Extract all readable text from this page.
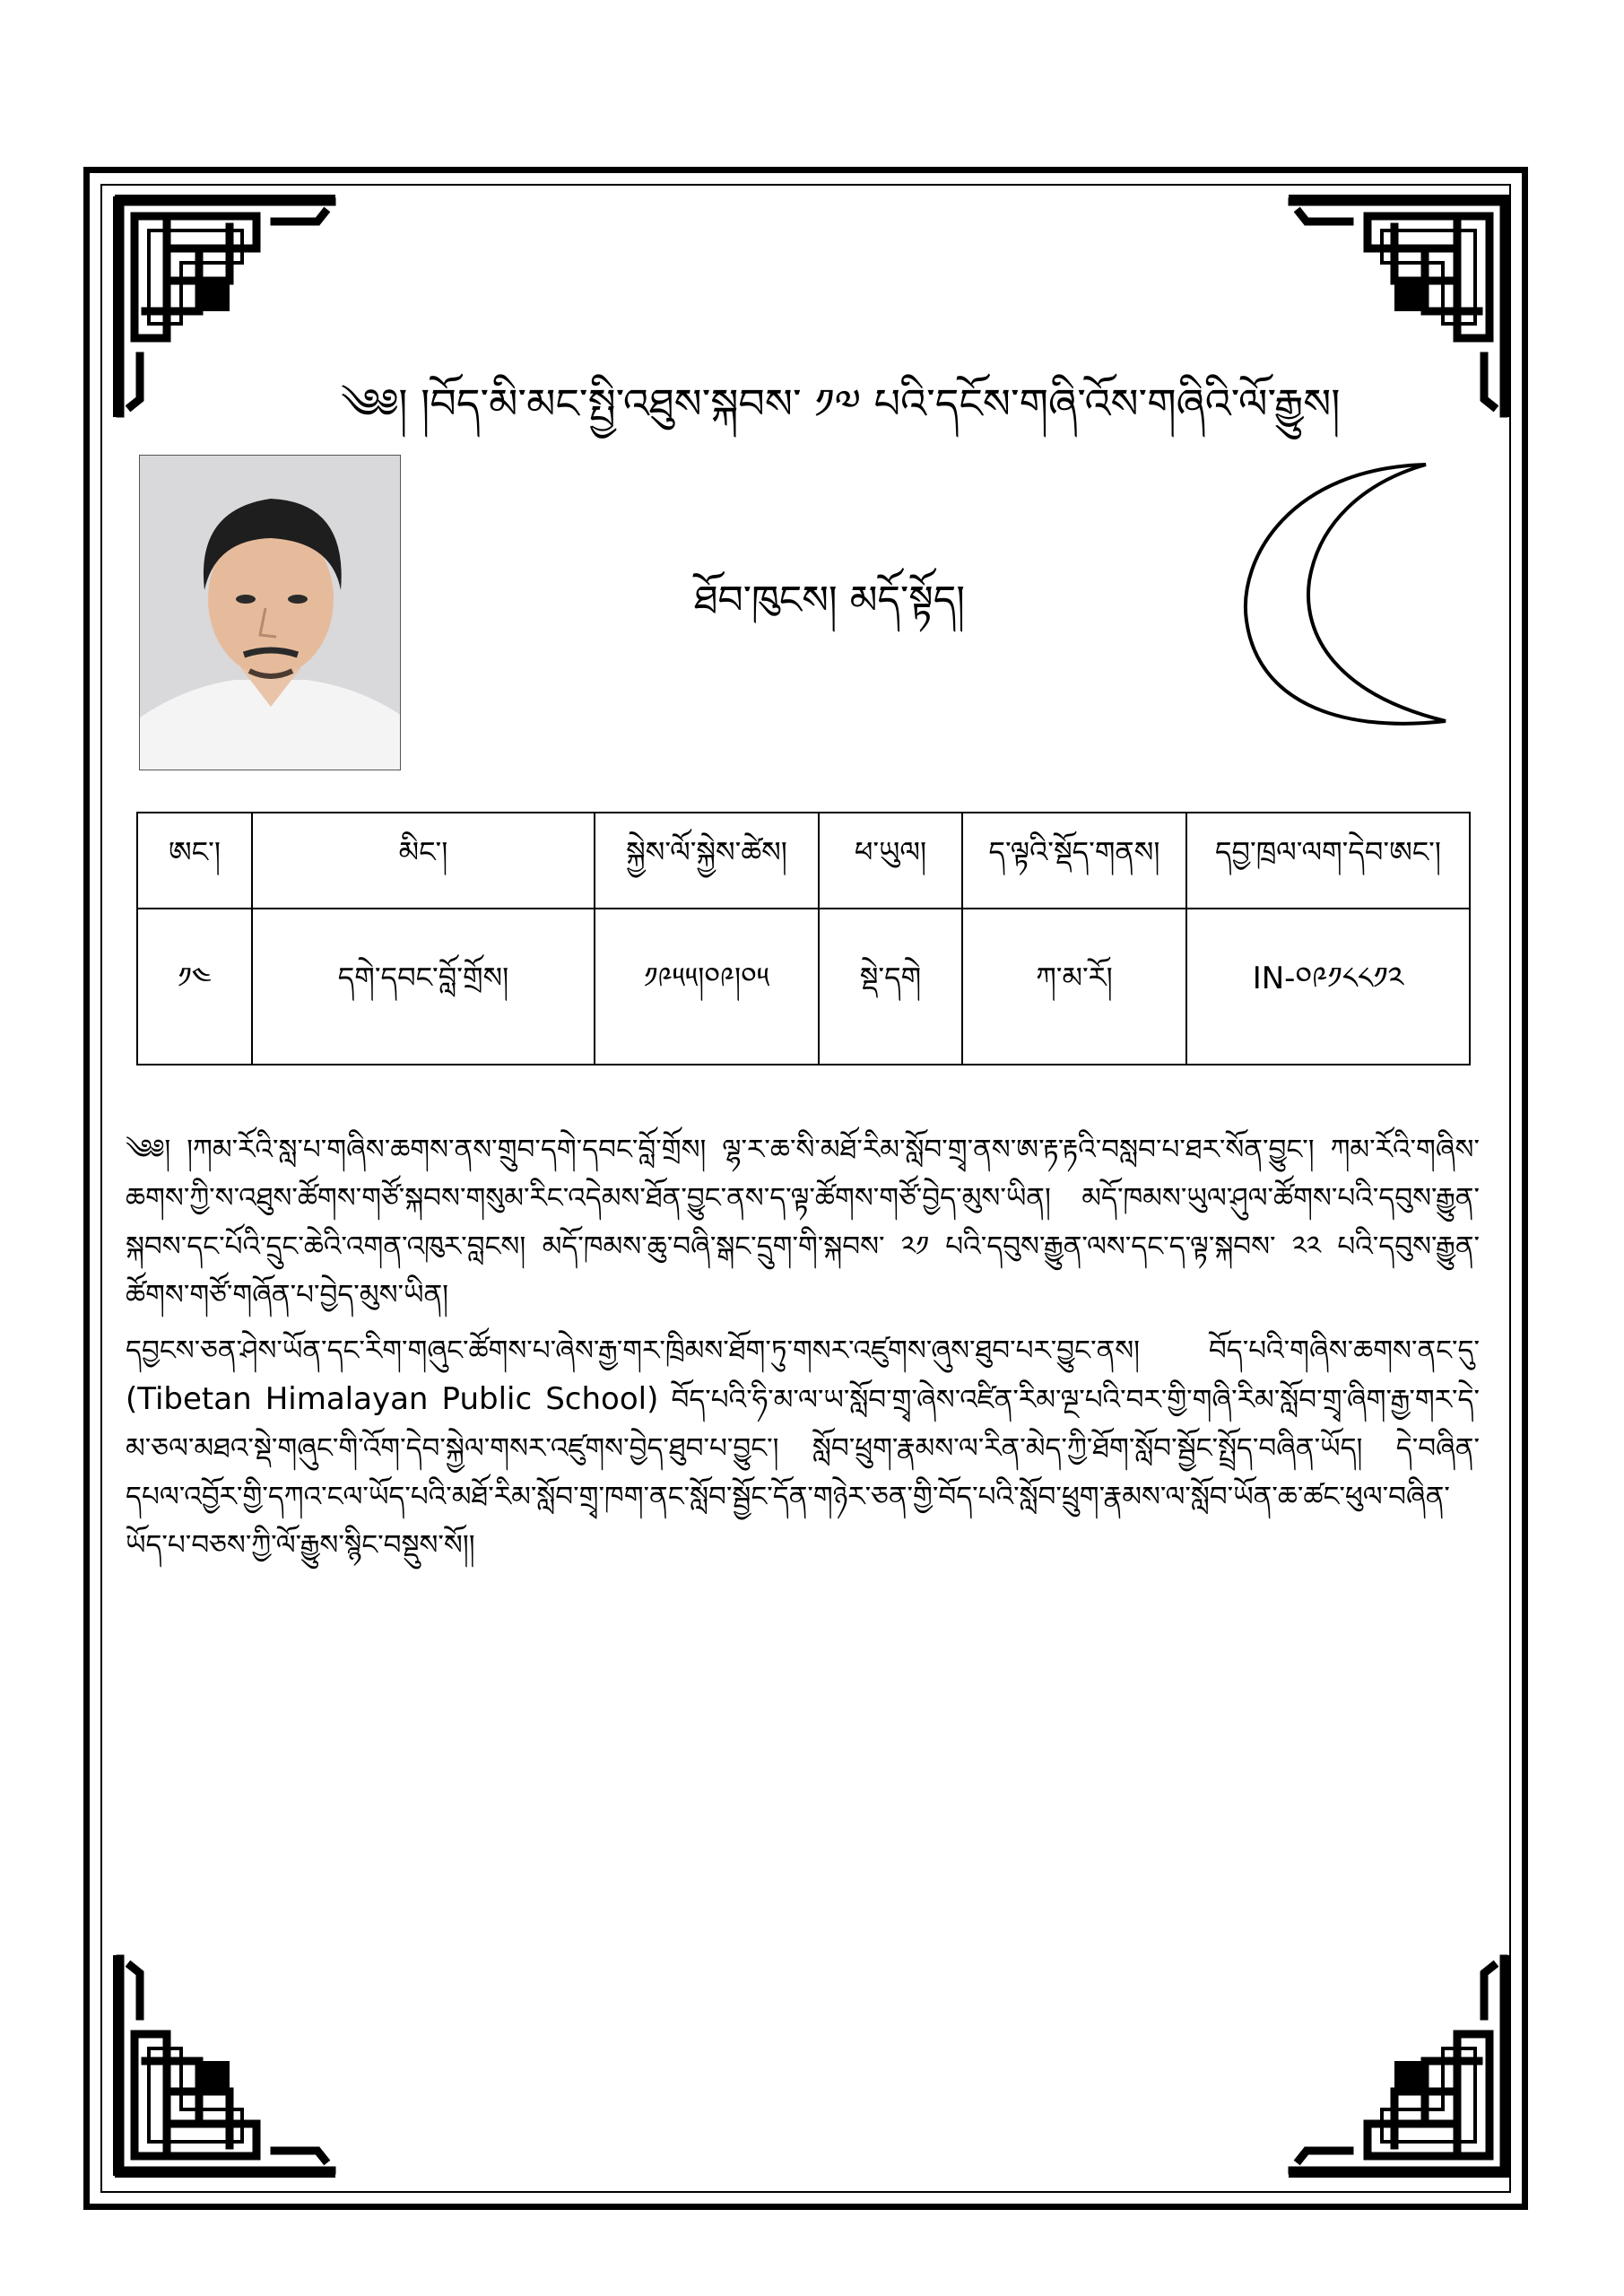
༄༅། །བོད་མི་མང་སྤྱི་འཐུས་སྐབས་ ༡༧ པའི་དངོས་གཞི་འོས་གཞིའི་ལོ་རྒྱུས།
ཐོབ་ཁུངས། མདོ་སྟོད།
ཨང་།	མིང་།	སྐྱེས་ལོ་སྐྱེས་ཚེས།	ཕ་ཡུལ།	ད་ལྟའི་སྡོད་གནས།	དབྱ་ཁྲལ་ལག་དེབ་ཨང་།
༡༤	དགེ་དབང་བློ་གྲོས།	༡༩༥༥།༠༩།༠༥	སྡེ་དགེ	ཀ་མ་རོ།	IN-༠༩༡༨༨༡༢

༄༅། །ཀམ་རོའི་སླ་པ་གཞིས་ཆགས་ནས་གྲུབ་དགེ་དབང་བློ་གྲོས། ལྷ་ར་ཆ་སི་མཐོ་རིམ་སློབ་གྲྭ་ནས་ཨ་རྟ་རྟའི་བསླབ་པ་ཐར་སོན་བྱུང་། ཀམ་རོའི་གཞིས་ཆགས་ཀྱི་ས་འཐུས་ཚོགས་གཙོ་སྐབས་གསུམ་རིང་འདེམས་ཐོན་བྱུང་ནས་ད་ལྟ་ཚོགས་གཙོ་བྱེད་མུས་ཡིན། མདོ་ཁམས་ཡུལ་ཤུལ་ཚོགས་པའི་དབུས་རྒྱུན་སྐབས་དང་པོའི་དྲུང་ཆེའི་འགན་འཁུར་བླངས། མདོ་ཁམས་ཆུ་བཞི་སྒང་དྲུག་གི་སྐབས་ ༢༡ པའི་དབུས་རྒྱུན་ལས་དང་ད་ལྟ་སྐབས་ ༢༢ པའི་དབུས་རྒྱུན་ཚོགས་གཙོ་གཞོན་པ་བྱེད་མུས་ཡིན།

དབྱངས་ཅན་ཤེས་ཡོན་དང་རིག་གཞུང་ཚོགས་པ་ཞེས་རྒྱ་གར་ཁྲིམས་ཐོག་ཏུ་གསར་འཛུགས་ཞུས་ཐུབ་པར་བྱུང་ནས། བོད་པའི་གཞིས་ཆགས་ནང་དུ་(Tibetan Himalayan Public School) བོད་པའི་ཧི་མ་ལ་ཡ་སློབ་གྲྭ་ཞེས་འཛིན་རིམ་ལྔ་པའི་བར་གྱི་གཞི་རིམ་སློབ་གྲྭ་ཞིག་རྒྱ་གར་དེ་མ་ཅལ་མཐའ་སྡེ་གཞུང་གི་འོག་དེབ་སྐྱེལ་གསར་འཛུགས་བྱེད་ཐུབ་པ་བྱུང་། སློབ་ཕྲུག་རྣམས་ལ་རིན་མེད་ཀྱི་ཐོག་སློབ་སྦྱོང་སྤྲོད་བཞིན་ཡོད། དེ་བཞིན་དཔལ་འབྱོར་གྱི་དཀའ་ངལ་ཡོད་པའི་མཐོ་རིམ་སློབ་གྲྭ་ཁག་ནང་སློབ་སྦྱོང་དོན་གཉེར་ཅན་གྱི་བོད་པའི་སློབ་ཕྲུག་རྣམས་ལ་སློབ་ཡོན་ཆ་ཚང་ཕུལ་བཞིན་ཡོད་པ་བཅས་ཀྱི་ལོ་རྒྱུས་སྙིང་བསྡུས་སོ།།
